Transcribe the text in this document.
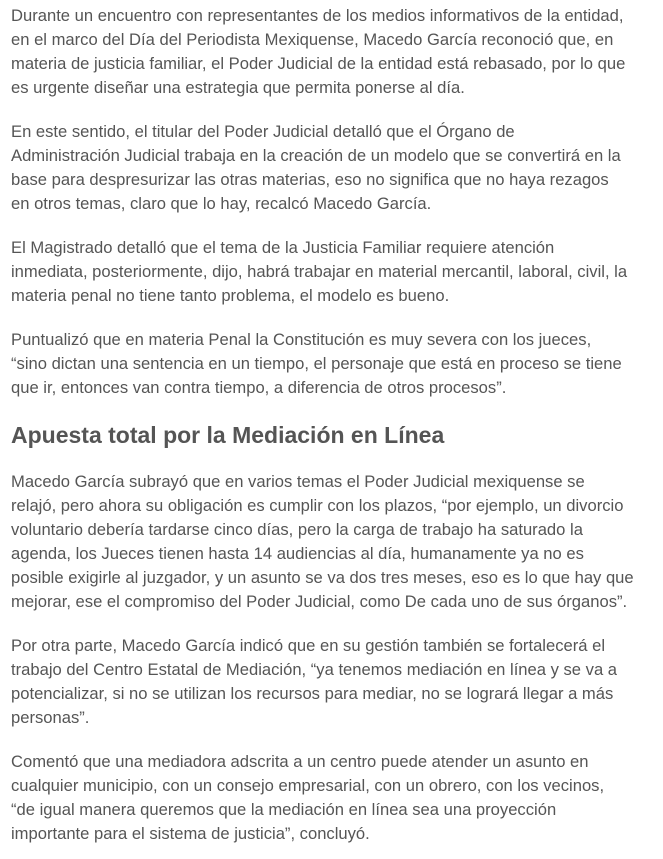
Durante un encuentro con representantes de los medios informativos de la entidad,
en el marco del Día del Periodista Mexiquense, Macedo García reconoció que, en
materia de justicia familiar, el Poder Judicial de la entidad está rebasado, por lo que
es urgente diseñar una estrategia que permita ponerse al día.

En este sentido, el titular del Poder Judicial detalló que el Órgano de
Administración Judicial trabaja en la creación de un modelo que se convertirá en la
base para despresurizar las otras materias, eso no significa que no haya rezagos
en otros temas, claro que lo hay, recalcó Macedo García.

El Magistrado detalló que el tema de la Justicia Familiar requiere atención
inmediata, posteriormente, dijo, habrá trabajar en material mercantil, laboral, civil, la
materia penal no tiene tanto problema, el modelo es bueno.

Puntualizó que en materia Penal la Constitución es muy severa con los jueces,
“sino dictan una sentencia en un tiempo, el personaje que está en proceso se tiene
que ir, entonces van contra tiempo, a diferencia de otros procesos”.

Apuesta total por la Mediación en Línea

Macedo García subrayó que en varios temas el Poder Judicial mexiquense se
relajó, pero ahora su obligación es cumplir con los plazos, “por ejemplo, un divorcio
voluntario debería tardarse cinco días, pero la carga de trabajo ha saturado la
agenda, los Jueces tienen hasta 14 audiencias al día, humanamente ya no es
posible exigirle al juzgador, y un asunto se va dos tres meses, eso es lo que hay que
mejorar, ese el compromiso del Poder Judicial, como De cada uno de sus órganos”.

Por otra parte, Macedo García indicó que en su gestión también se fortalecerá el
trabajo del Centro Estatal de Mediación, “ya tenemos mediación en línea y se va a
potencializar, si no se utilizan los recursos para mediar, no se logrará llegar a más
personas”.

Comentó que una mediadora adscrita a un centro puede atender un asunto en
cualquier municipio, con un consejo empresarial, con un obrero, con los vecinos,
“de igual manera queremos que la mediación en línea sea una proyección
importante para el sistema de justicia”, concluyó.
